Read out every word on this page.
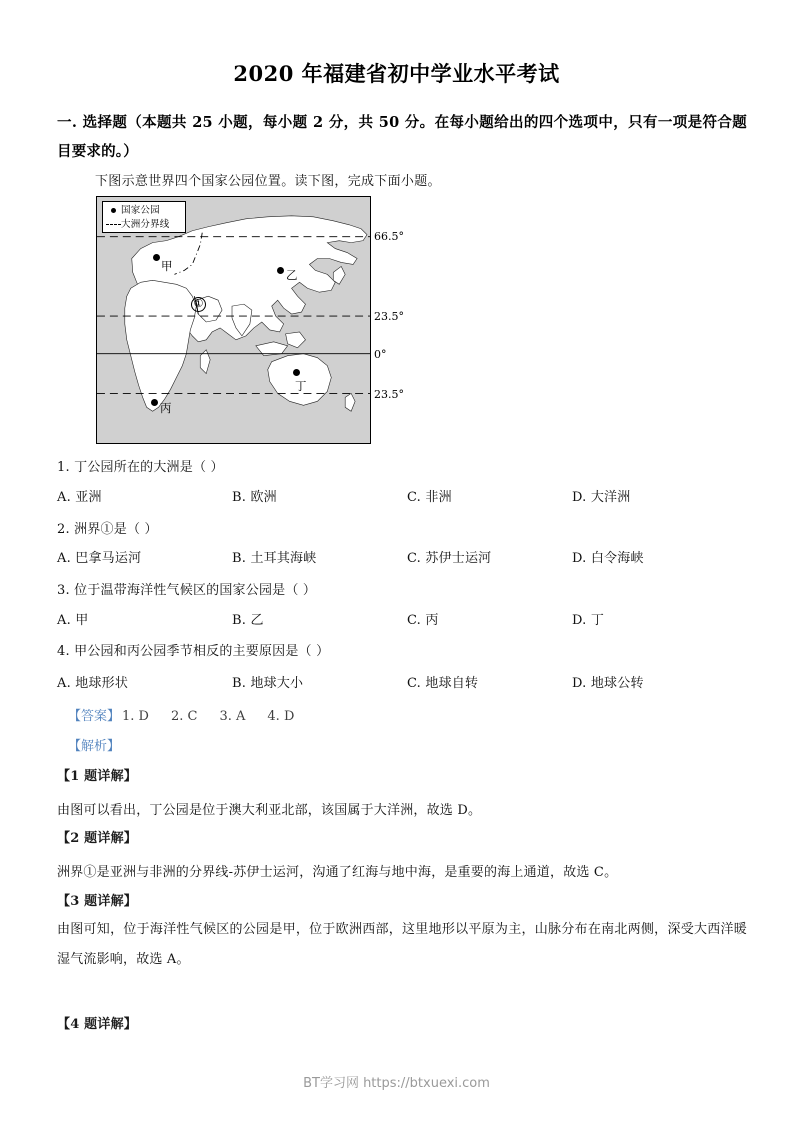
2020 年福建省初中学业水平考试
一. 选择题（本题共 25 小题，每小题 2 分，共 50 分。在每小题给出的四个选项中，只有一项是符合题目要求的。）
下图示意世界四个国家公园位置。读下图，完成下面小题。
国家公园
大洲分界线
甲
乙
丙
丁
①
66.5°
23.5°
0°
23.5°
1. 丁公园所在的大洲是（ ）
A. 亚洲	B. 欧洲	C. 非洲	D. 大洋洲
2. 洲界①是（ ）
A. 巴拿马运河	B. 土耳其海峡	C. 苏伊士运河	D. 白令海峡
3. 位于温带海洋性气候区的国家公园是（ ）
A. 甲	B. 乙	C. 丙	D. 丁
4. 甲公园和丙公园季节相反的主要原因是（ ）
A. 地球形状	B. 地球大小	C. 地球自转	D. 地球公转
【答案】 1. D 2. C 3. A 4. D
【解析】
【1 题详解】
由图可以看出，丁公园是位于澳大利亚北部，该国属于大洋洲，故选 D。
【2 题详解】
洲界①是亚洲与非洲的分界线-苏伊士运河，沟通了红海与地中海，是重要的海上通道，故选 C。
【3 题详解】
由图可知，位于海洋性气候区的公园是甲，位于欧洲西部，这里地形以平原为主，山脉分布在南北两侧，深受大西洋暖湿气流影响，故选 A。
【4 题详解】
BT学习网 https://btxuexi.com
